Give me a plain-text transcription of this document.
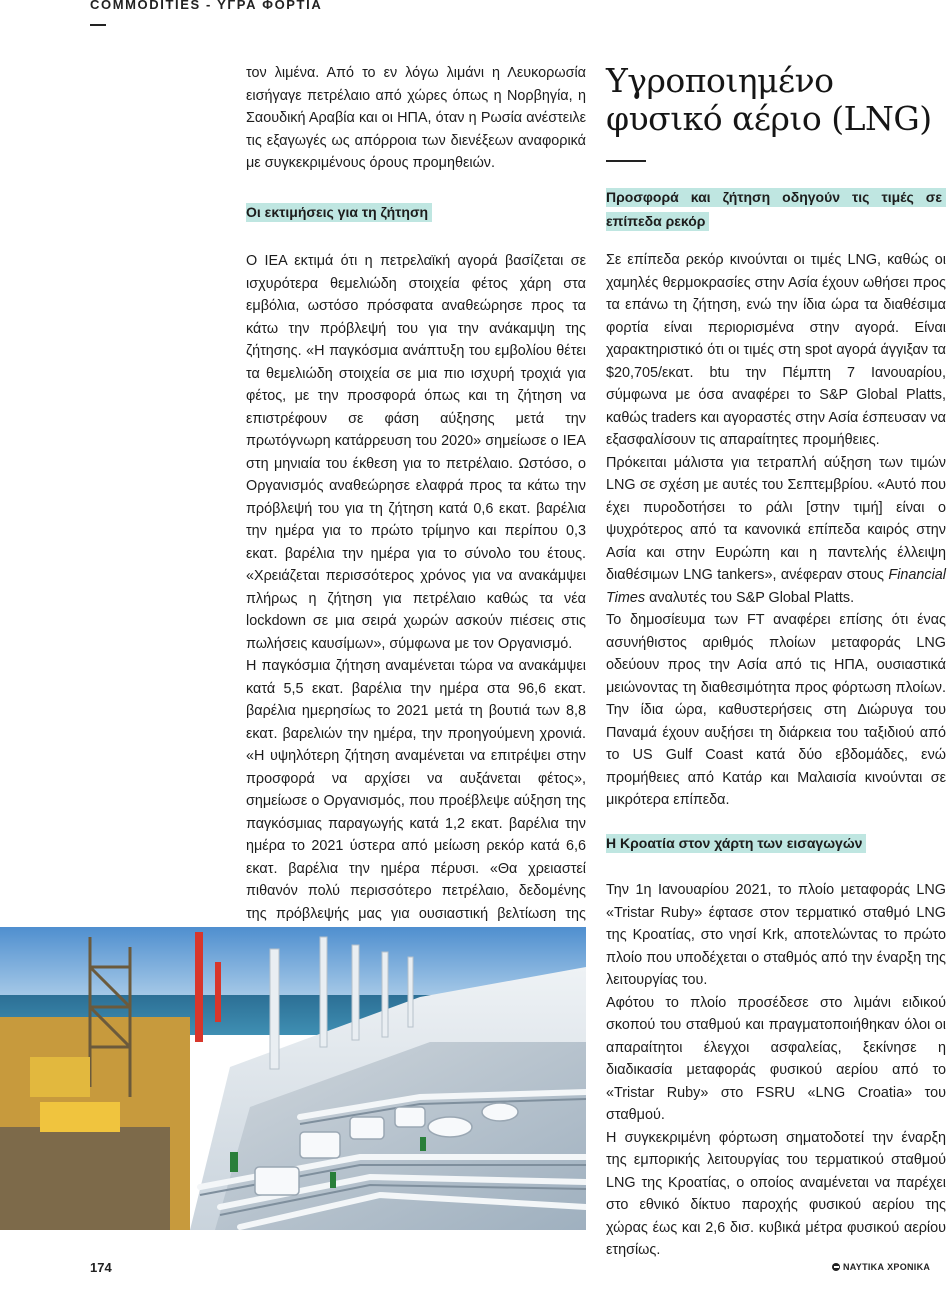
COMMODITIES - ΥΓΡΑ ΦΟΡΤΙΑ

τον λιμένα. Από το εν λόγω λιμάνι η Λευκορωσία εισήγαγε πετρέλαιο από χώρες όπως η Νορβηγία, η Σαουδική Αραβία και οι ΗΠΑ, όταν η Ρωσία ανέστειλε τις εξαγωγές ως απόρροια των διενέξεων αναφορικά με συγκεκριμένους όρους προμηθειών.

Οι εκτιμήσεις για τη ζήτηση

Ο ΙΕΑ εκτιμά ότι η πετρελαϊκή αγορά βασίζεται σε ισχυρότερα θεμελιώδη στοιχεία φέτος χάρη στα εμβόλια, ωστόσο πρόσφατα αναθεώρησε προς τα κάτω την πρόβλεψή του για την ανάκαμψη της ζήτησης. «Η παγκόσμια ανάπτυξη του εμβολίου θέτει τα θεμελιώδη στοιχεία σε μια πιο ισχυρή τροχιά για φέτος, με την προσφορά όπως και τη ζήτηση να επιστρέφουν σε φάση αύξησης μετά την πρωτόγνωρη κατάρρευση του 2020» σημείωσε ο ΙΕΑ στη μηνιαία του έκθεση για το πετρέλαιο. Ωστόσο, ο Οργανισμός αναθεώρησε ελαφρά προς τα κάτω την πρόβλεψή του για τη ζήτηση κατά 0,6 εκατ. βαρέλια την ημέρα για το πρώτο τρίμηνο και περίπου 0,3 εκατ. βαρέλια την ημέρα για το σύνολο του έτους. «Χρειάζεται περισσότερος χρόνος για να ανακάμψει πλήρως η ζήτηση για πετρέλαιο καθώς τα νέα lockdown σε μια σειρά χωρών ασκούν πιέσεις στις πωλήσεις καυσίμων», σύμφωνα με τον Οργανισμό.

Η παγκόσμια ζήτηση αναμένεται τώρα να ανακάμψει κατά 5,5 εκατ. βαρέλια την ημέρα στα 96,6 εκατ. βαρέλια ημερησίως το 2021 μετά τη βουτιά των 8,8 εκατ. βαρελιών την ημέρα, την προηγούμενη χρονιά. «Η υψηλότερη ζήτηση αναμένεται να επιτρέψει στην προσφορά να αρχίσει να αυξάνεται φέτος», σημείωσε ο Οργανισμός, που προέβλεψε αύξηση της παγκόσμιας παραγωγής κατά 1,2 εκατ. βαρέλια την ημέρα το 2021 ύστερα από μείωση ρεκόρ κατά 6,6 εκατ. βαρέλια την ημέρα πέρυσι. «Θα χρειαστεί πιθανόν πολύ περισσότερο πετρέλαιο, δεδομένης της πρόβλεψής μας για ουσιαστική βελτίωση της

Υγροποιημένο φυσικό αέριο (LNG)

Προσφορά και ζήτηση οδηγούν τις τιμές σε επίπεδα ρεκόρ

Σε επίπεδα ρεκόρ κινούνται οι τιμές LNG, καθώς οι χαμηλές θερμοκρασίες στην Ασία έχουν ωθήσει προς τα επάνω τη ζήτηση, ενώ την ίδια ώρα τα διαθέσιμα φορτία είναι περιορισμένα στην αγορά. Είναι χαρακτηριστικό ότι οι τιμές στη spot αγορά άγγιξαν τα $20,705/εκατ. btu την Πέμπτη 7 Ιανουαρίου, σύμφωνα με όσα αναφέρει το S&P Global Platts, καθώς traders και αγοραστές στην Ασία έσπευσαν να εξασφαλίσουν τις απαραίτητες προμήθειες.

Πρόκειται μάλιστα για τετραπλή αύξηση των τιμών LNG σε σχέση με αυτές του Σεπτεμβρίου. «Αυτό που έχει πυροδοτήσει το ράλι [στην τιμή] είναι ο ψυχρότερος από τα κανονικά επίπεδα καιρός στην Ασία και στην Ευρώπη και η παντελής έλλειψη διαθέσιμων LNG tankers», ανέφεραν στους Financial Times αναλυτές του S&P Global Platts.

Το δημοσίευμα των FT αναφέρει επίσης ότι ένας ασυνήθιστος αριθμός πλοίων μεταφοράς LNG οδεύουν προς την Ασία από τις ΗΠΑ, ουσιαστικά μειώνοντας τη διαθεσιμότητα προς φόρτωση πλοίων. Την ίδια ώρα, καθυστερήσεις στη Διώρυγα του Παναμά έχουν αυξήσει τη διάρκεια του ταξιδιού από το US Gulf Coast κατά δύο εβδομάδες, ενώ προμήθειες από Κατάρ και Μαλαισία κινούνται σε μικρότερα επίπεδα.

Η Κροατία στον χάρτη των εισαγωγών

Την 1η Ιανουαρίου 2021, το πλοίο μεταφοράς LNG «Tristar Ruby» έφτασε στον τερματικό σταθμό LNG της Κροατίας, στο νησί Krk, αποτελώντας το πρώτο πλοίο που υποδέχεται ο σταθμός από την έναρξη της λειτουργίας του.

Αφότου το πλοίο προσέδεσε στο λιμάνι ειδικού σκοπού του σταθμού και πραγματοποιήθηκαν όλοι οι απαραίτητοι έλεγχοι ασφαλείας, ξεκίνησε η διαδικασία μεταφοράς φυσικού αερίου από το «Tristar Ruby» στο FSRU «LNG Croatia» του σταθμού.

Η συγκεκριμένη φόρτωση σηματοδοτεί την έναρξη της εμπορικής λειτουργίας του τερματικού σταθμού LNG της Κροατίας, ο οποίος αναμένεται να παρέχει στο εθνικό δίκτυο παροχής φυσικού αερίου της χώρας έως και 2,6 δισ. κυβικά μέτρα φυσικού αερίου ετησίως.

174	ΝΑΥΤΙΚΑ ΧΡΟΝΙΚΑ
